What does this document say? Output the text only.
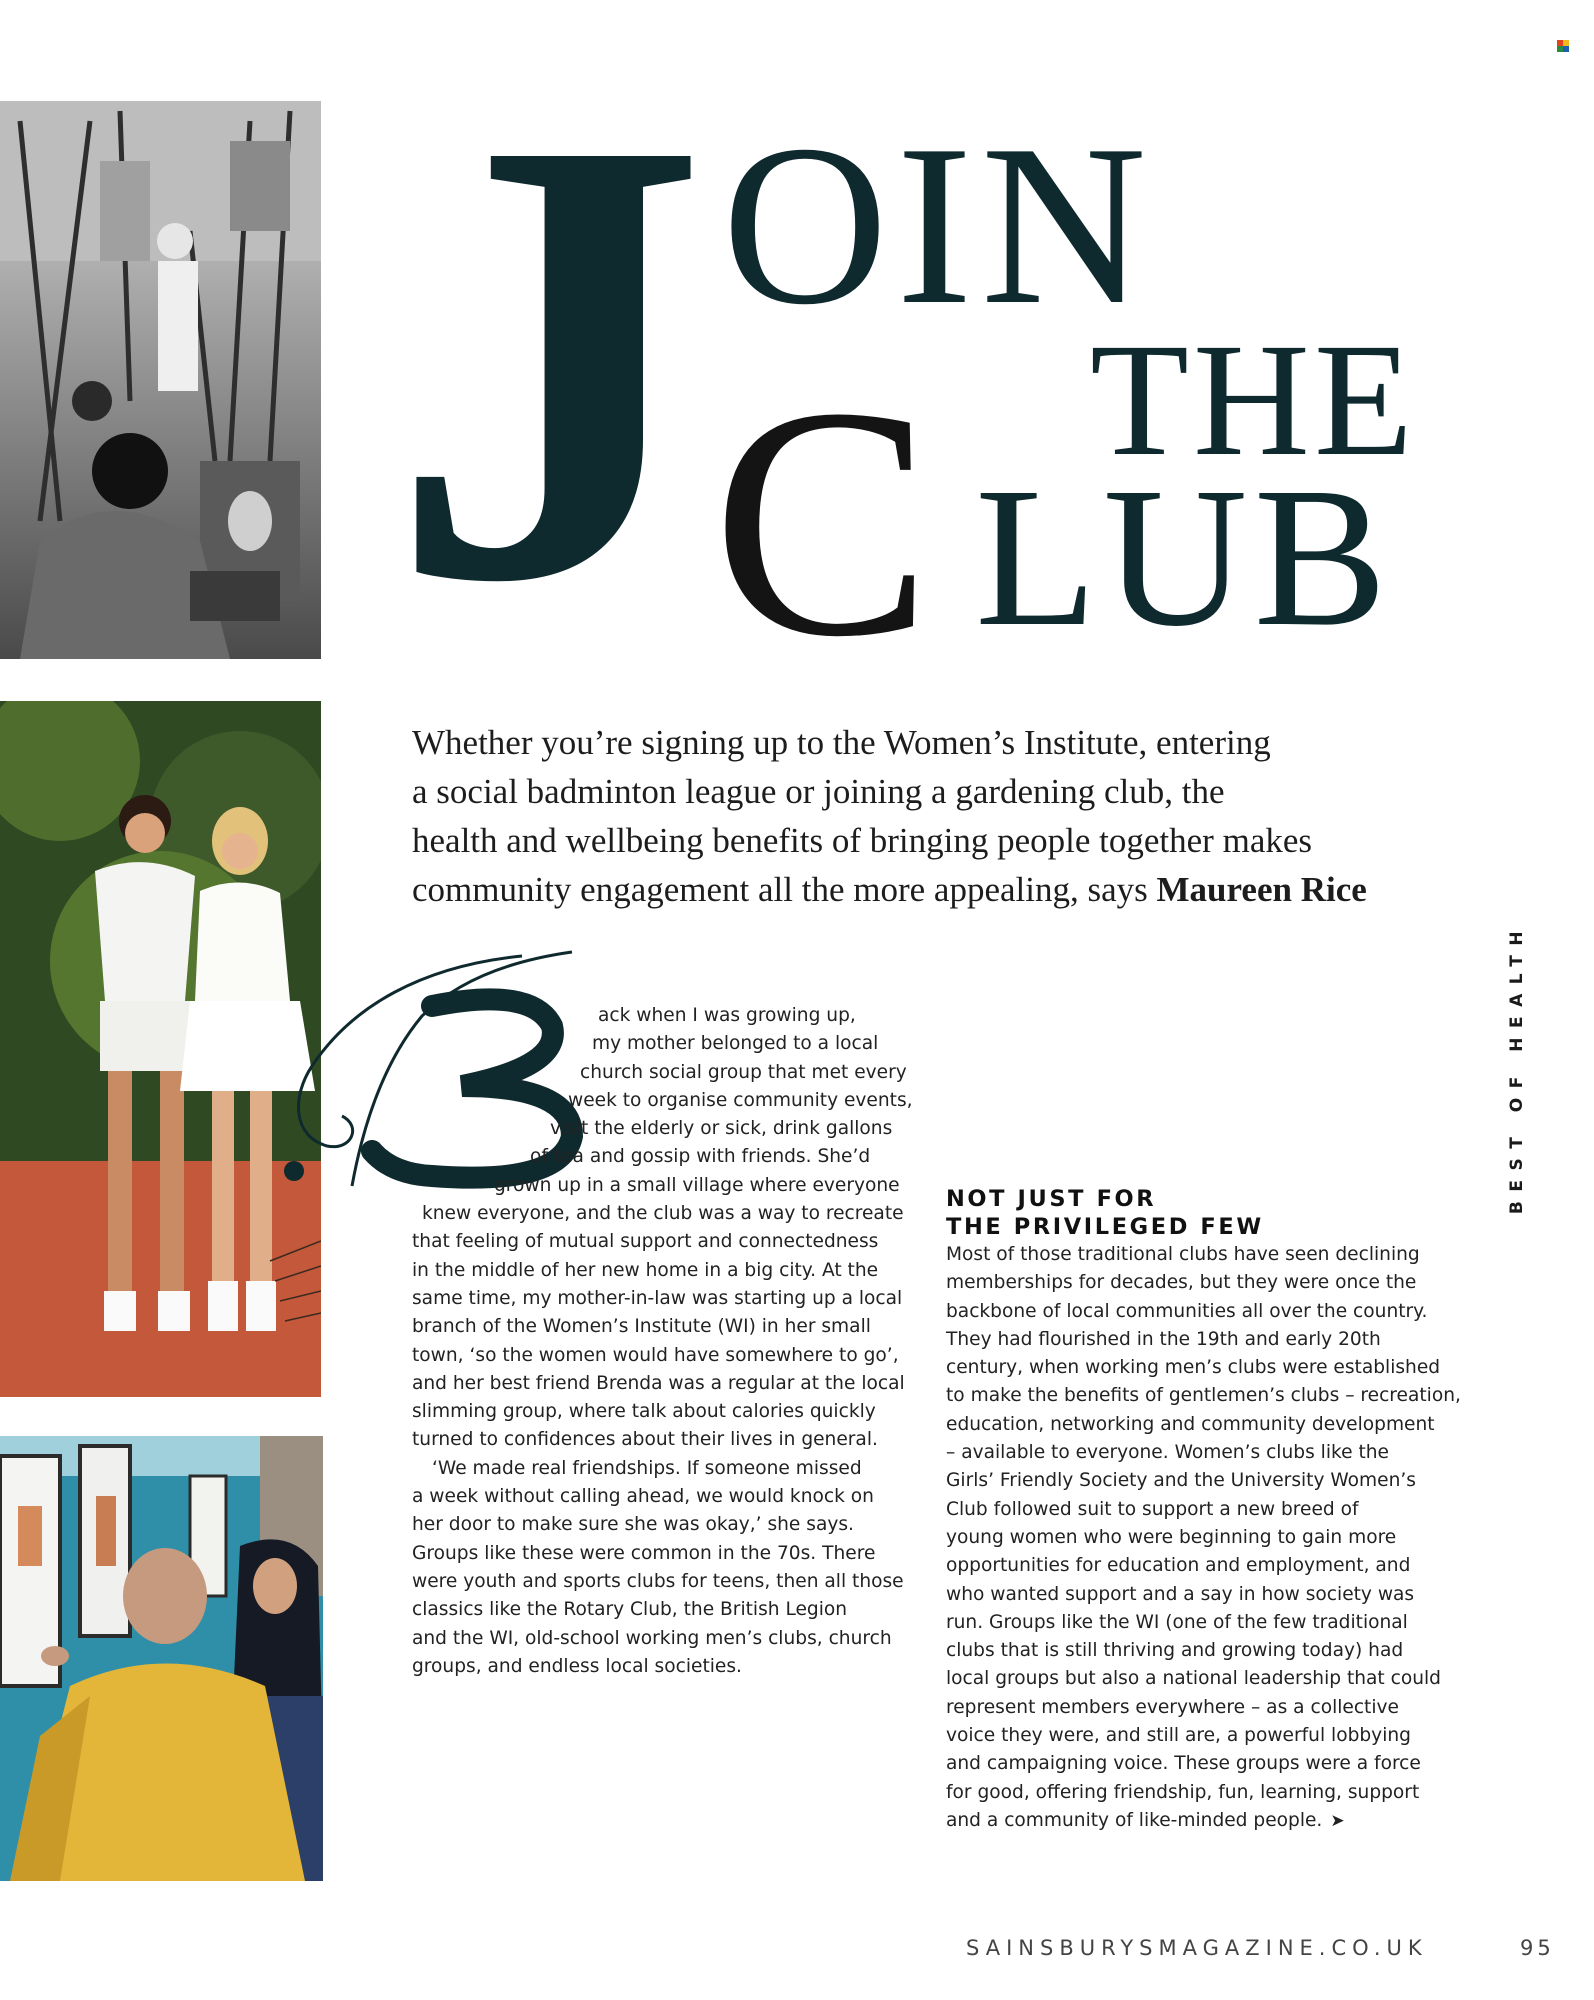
J OIN
THE
C LUB
Whether you’re signing up to the Women’s Institute, entering
a social badminton league or joining a gardening club, the
health and wellbeing benefits of bringing people together makes
community engagement all the more appealing, says Maureen Rice
B	ack when I was growing up,
my mother belonged to a local
church social group that met every
week to organise community events,
visit the elderly or sick, drink gallons
of tea and gossip with friends. She’d
grown up in a small village where everyone
knew everyone, and the club was a way to recreate
that feeling of mutual support and connectedness
in the middle of her new home in a big city. At the
same time, my mother-in-law was starting up a local
branch of the Women’s Institute (WI) in her small
town, ‘so the women would have somewhere to go’,
and her best friend Brenda was a regular at the local
slimming group, where talk about calories quickly
turned to confidences about their lives in general.
‘We made real friendships. If someone missed
a week without calling ahead, we would knock on
her door to make sure she was okay,’ she says.
Groups like these were common in the 70s. There
were youth and sports clubs for teens, then all those
classics like the Rotary Club, the British Legion
and the WI, old-school working men’s clubs, church
groups, and endless local societies.
NOT JUST FOR
THE PRIVILEGED FEW
Most of those traditional clubs have seen declining
memberships for decades, but they were once the
backbone of local communities all over the country.
They had flourished in the 19th and early 20th
century, when working men’s clubs were established
to make the benefits of gentlemen’s clubs – recreation,
education, networking and community development
– available to everyone. Women’s clubs like the
Girls’ Friendly Society and the University Women’s
Club followed suit to support a new breed of
young women who were beginning to gain more
opportunities for education and employment, and
who wanted support and a say in how society was
run. Groups like the WI (one of the few traditional
clubs that is still thriving and growing today) had
local groups but also a national leadership that could
represent members everywhere – as a collective
voice they were, and still are, a powerful lobbying
and campaigning voice. These groups were a force
for good, offering friendship, fun, learning, support
and a community of like-minded people. ➤
BEST OF HEALTH
SAINSBURYSMAGAZINE.CO.UK	95
